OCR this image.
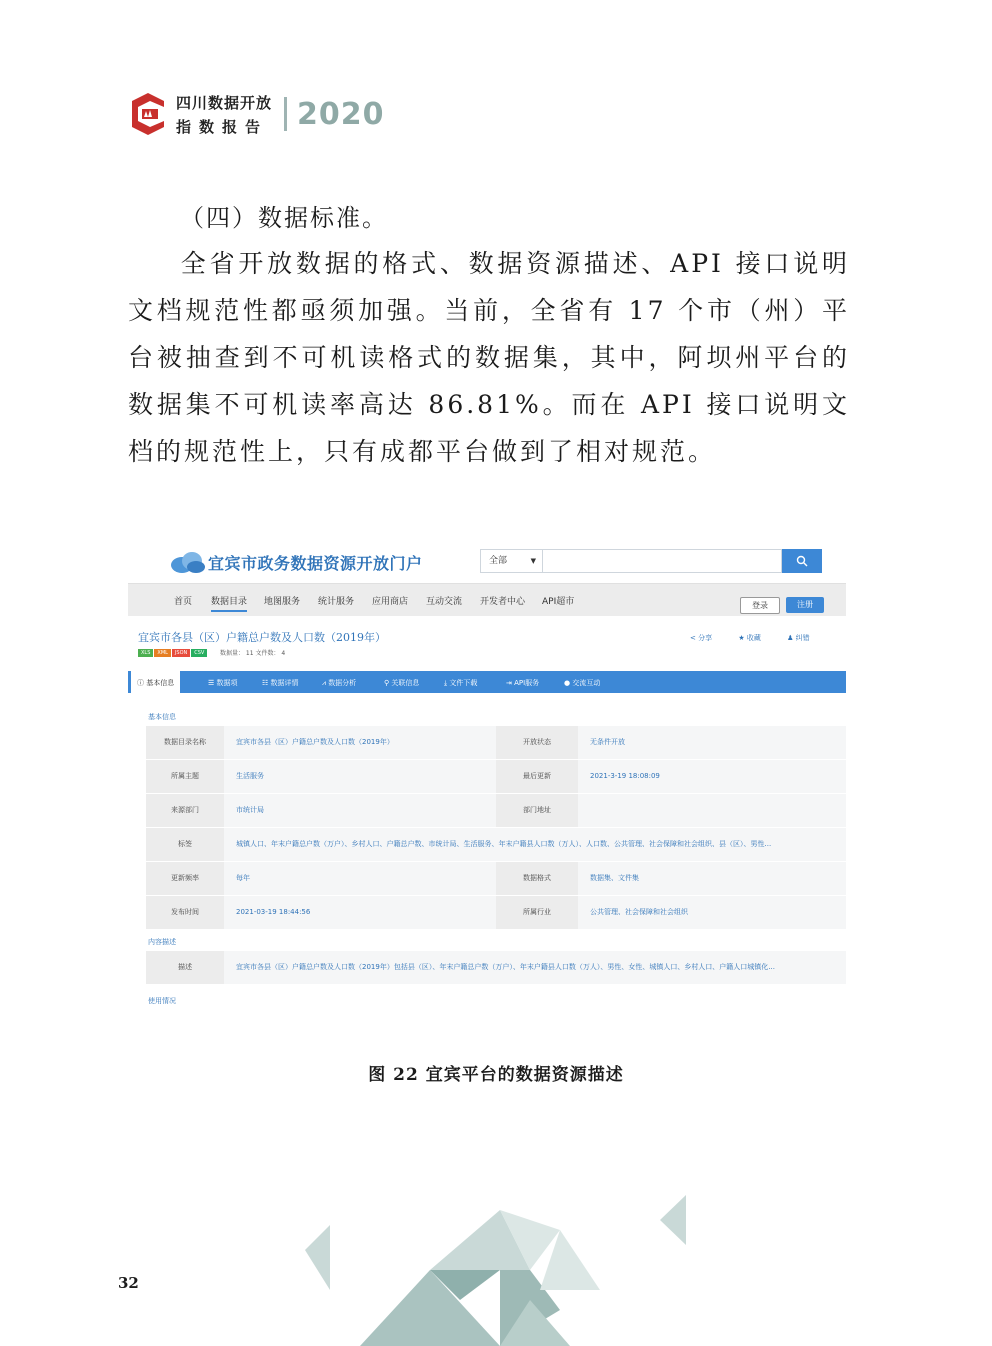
四川数据开放
指数报告 2020
（四）数据标准。
全省开放数据的格式、数据资源描述、API 接口说明文档规范性都亟须加强。当前，全省有 17 个市（州）平台被抽查到不可机读格式的数据集，其中，阿坝州平台的数据集不可机读率高达 86.81%。而在 API 接口说明文档的规范性上，只有成都平台做到了相对规范。
宜宾市政务数据资源开放门户	全部	▼
首页 数据目录 地图服务 统计服务 应用商店 互动交流 开发者中心 API超市	登录	注册
宜宾市各县（区）户籍总户数及人口数（2019年）
XLS	XML	JSON	CSV	数据量： 11 文件数： 4
< 分享	★ 收藏	♟ 纠错
ⓘ 基本信息	☰ 数据项	☷ 数据详情	⩘ 数据分析	⚲ 关联信息	⤓ 文件下载	⇥ API服务	● 交流互动
基本信息
数据目录名称	宜宾市各县（区）户籍总户数及人口数（2019年）	开放状态	无条件开放
所属主题	生活服务	最后更新	2021-3-19 18:08:09
来源部门	市统计局	部门地址
标签	城镇人口、年末户籍总户数（万户）、乡村人口、户籍总户数、市统计局、生活服务、年末户籍县人口数（万人）、人口数、公共管理、社会保障和社会组织、县（区）、男性...
更新频率	每年	数据格式	数据集、文件集
发布时间	2021-03-19 18:44:56	所属行业	公共管理、社会保障和社会组织
内容描述
描述	宜宾市各县（区）户籍总户数及人口数（2019年）包括县（区）、年末户籍总户数（万户）、年末户籍县人口数（万人）、男性、女性、城镇人口、乡村人口、户籍人口城镇化...
使用情况
图 22 宜宾平台的数据资源描述
32
